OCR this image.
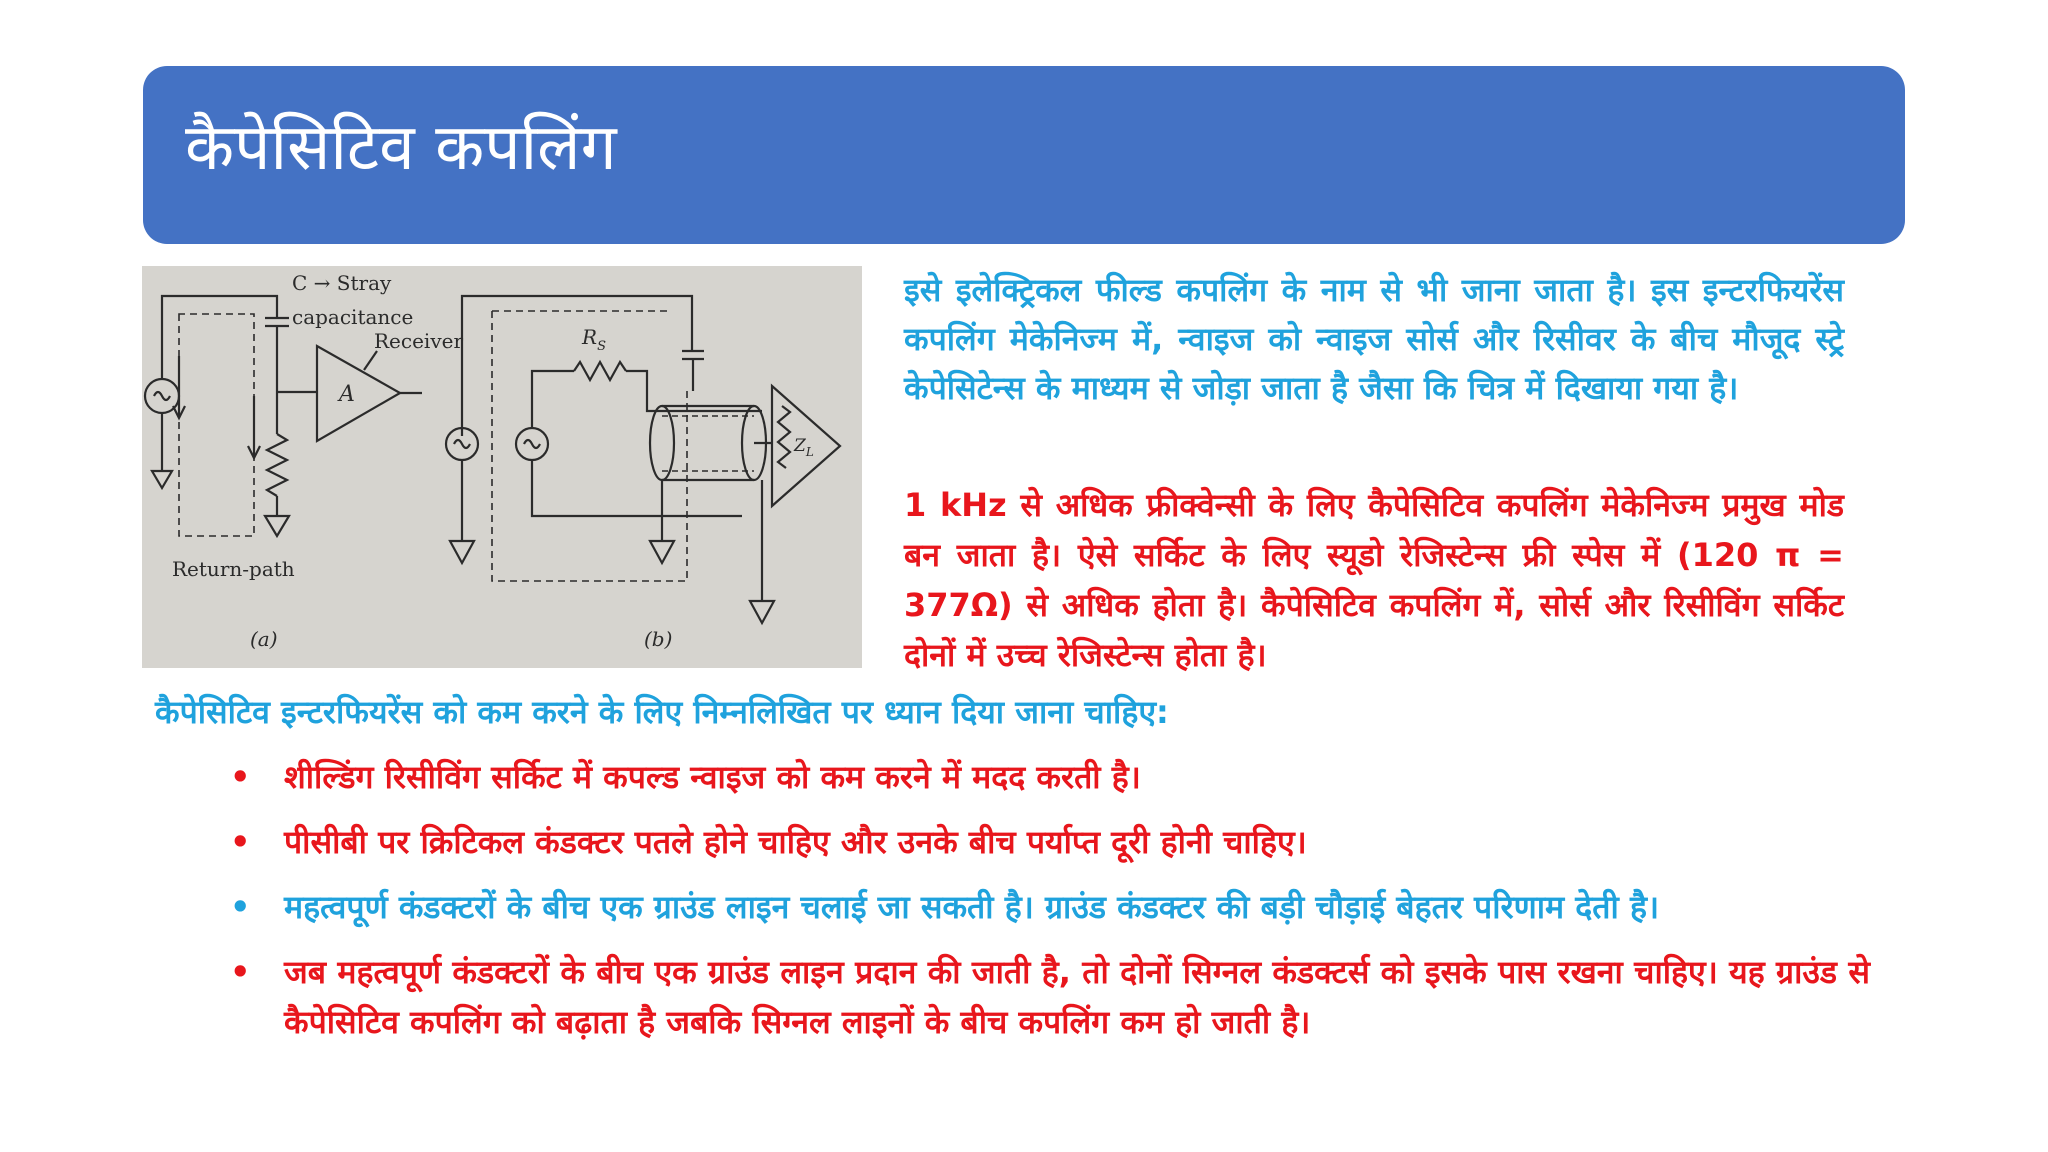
कैपेसिटिव कपलिंग
C → Stray
capacitance
Receiver
A
Return-path
(a)
$R_S$
$Z_L$
(b)

इसे इलेक्ट्रिकल फील्ड कपलिंग के नाम से भी जाना जाता है। इस इन्टरफियरेंस कपलिंग मेकेनिज्म में, न्वाइज को न्वाइज सोर्स और रिसीवर के बीच मौजूद स्ट्रे केपेसिटेन्स के माध्यम से जोड़ा जाता है जैसा कि चित्र में दिखाया गया है।

1 kHz से अधिक फ्रीक्वेन्सी के लिए कैपेसिटिव कपलिंग मेकेनिज्म प्रमुख मोड बन जाता है। ऐसे सर्किट के लिए स्यूडो रेजिस्टेन्स फ्री स्पेस में (120 π = 377Ω) से अधिक होता है। कैपेसिटिव कपलिंग में, सोर्स और रिसीविंग सर्किट दोनों में उच्च रेजिस्टेन्स होता है।

कैपेसिटिव इन्टरफियरेंस को कम करने के लिए निम्नलिखित पर ध्यान दिया जाना चाहिए:
• शील्डिंग रिसीविंग सर्किट में कपल्ड न्वाइज को कम करने में मदद करती है।
• पीसीबी पर क्रिटिकल कंडक्टर पतले होने चाहिए और उनके बीच पर्याप्त दूरी होनी चाहिए।
• महत्वपूर्ण कंडक्टरों के बीच एक ग्राउंड लाइन चलाई जा सकती है। ग्राउंड कंडक्टर की बड़ी चौड़ाई बेहतर परिणाम देती है।
• जब महत्वपूर्ण कंडक्टरों के बीच एक ग्राउंड लाइन प्रदान की जाती है, तो दोनों सिग्नल कंडक्टर्स को इसके पास रखना चाहिए। यह ग्राउंड से कैपेसिटिव कपलिंग को बढ़ाता है जबकि सिग्नल लाइनों के बीच कपलिंग कम हो जाती है।
